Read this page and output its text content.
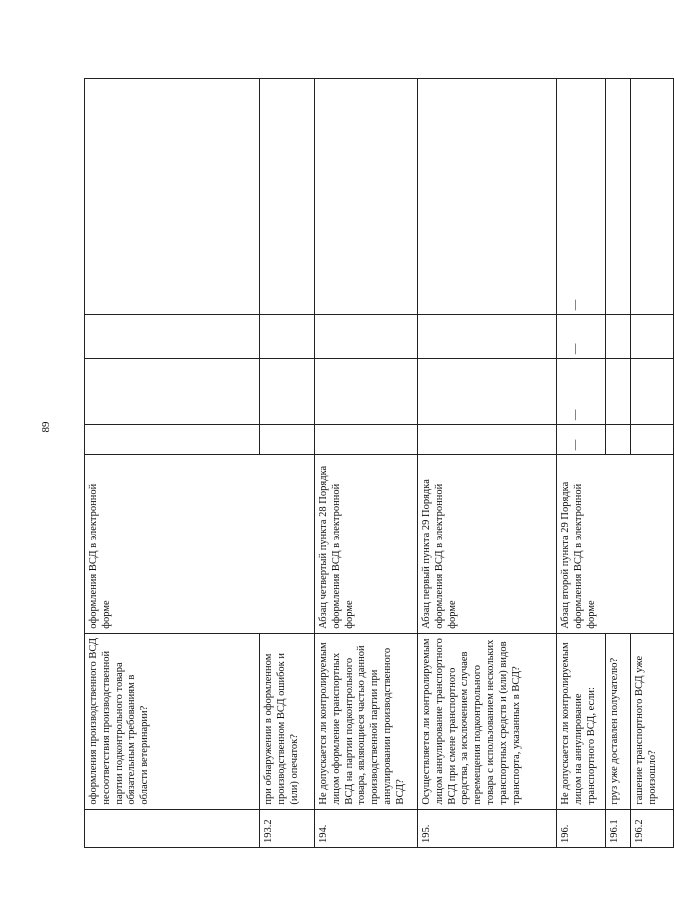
89
	оформления производственного ВСД несоответствия производственной партии подконтрольного товара обязательным требованиям в области ветеринарии?	оформления ВСД в электронной форме				
193.2	при обнаружении в оформленном производственном ВСД ошибок и (или) опечаток?					
194.	Не допускается ли контролируемым лицом оформление транспортных ВСД на партии подконтрольного товара, являющиеся частью данной производственной партии при аннулировании производственного ВСД?	Абзац четвертый пункта 28 Порядка оформления ВСД в электронной форме				
195.	Осуществляется ли контролируемым лицом аннулирование транспортного ВСД при смене транспортного средства, за исключением случаев перемещения подконтрольного товара с использованием нескольких транспортных средств и (или) видов транспорта, указанных в ВСД?	Абзац первый пункта 29 Порядка оформления ВСД в электронной форме				
196.	Не допускается ли контролируемым лицом на аннулирование транспортного ВСД, если:	Абзац второй пункта 29 Порядка оформления ВСД в электронной форме	—	—	—	—
196.1	груз уже доставлен получателю?					
196.2	гашение транспортного ВСД уже произошло?					
